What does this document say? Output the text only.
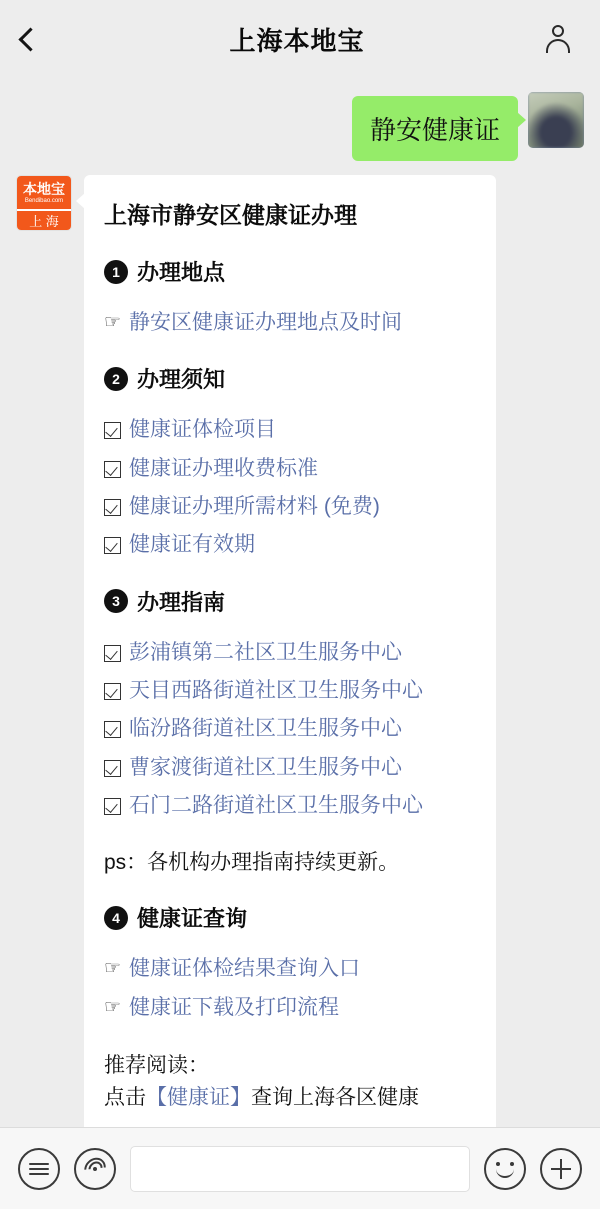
上海本地宝
静安健康证
本地宝
Bendibao.com
上 海	上海市静安区健康证办理
1 办理地点
☞ 静安区健康证办理地点及时间
2 办理须知
健康证体检项目
健康证办理收费标准
健康证办理所需材料 (免费)
健康证有效期
3 办理指南
彭浦镇第二社区卫生服务中心
天目西路街道社区卫生服务中心
临汾路街道社区卫生服务中心
曹家渡街道社区卫生服务中心
石门二路街道社区卫生服务中心
ps：各机构办理指南持续更新。
4 健康证查询
☞ 健康证体检结果查询入口
☞ 健康证下载及打印流程
推荐阅读：
点击【健康证】查询上海各区健康
